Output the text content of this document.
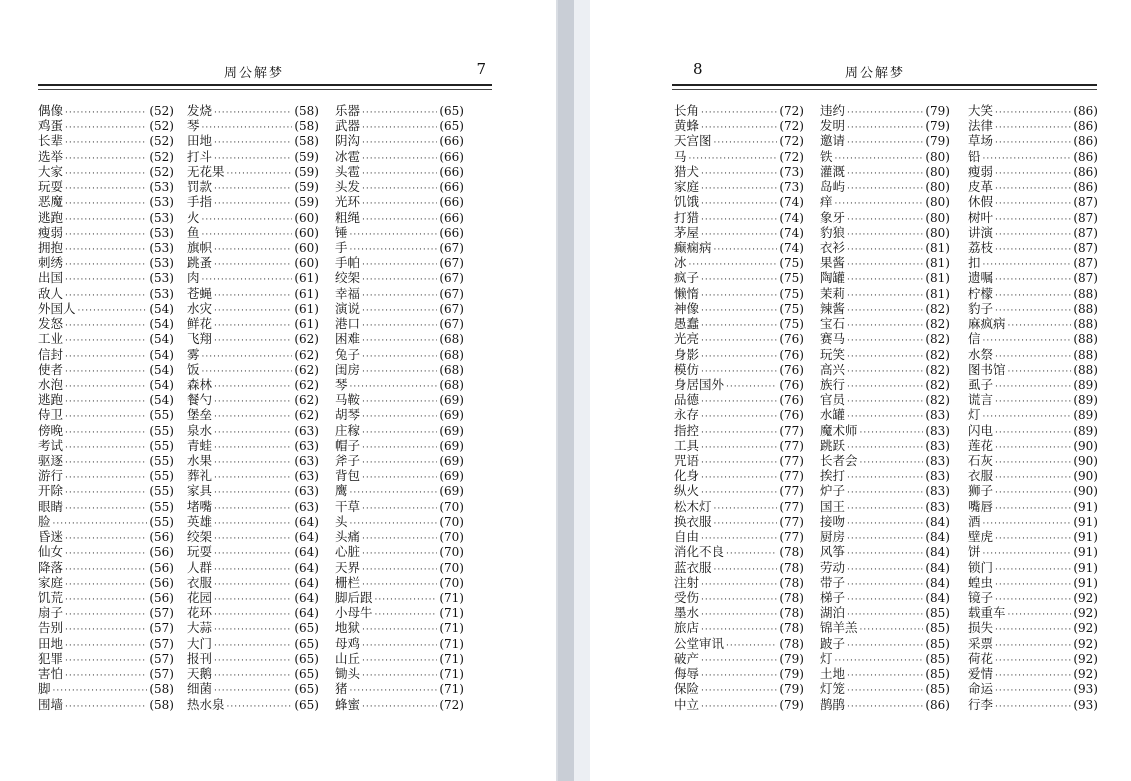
周公解梦	7
偶像 ·····	(52)
鸡蛋 ·····	(52)
长辈 ·····	(52)
选举 ·····	(52)
大家 ·····	(52)
玩耍 ·····	(53)
恶魔 ·····	(53)
逃跑 ·····	(53)
瘦弱 ·····	(53)
拥抱 ·····	(53)
刺绣 ·····	(53)
出国 ·····	(53)
敌人 ·····	(53)
外国人 ·····	(54)
发怒 ·····	(54)
工业 ·····	(54)
信封 ·····	(54)
使者 ·····	(54)
水泡 ·····	(54)
逃跑 ·····	(54)
侍卫 ·····	(55)
傍晚 ·····	(55)
考试 ·····	(55)
驱逐 ·····	(55)
游行 ·····	(55)
开除 ·····	(55)
眼睛 ·····	(55)
脸 ·····	(55)
昏迷 ·····	(56)
仙女 ·····	(56)
降落 ·····	(56)
家庭 ·····	(56)
饥荒 ·····	(56)
扇子 ·····	(57)
告别 ·····	(57)
田地 ·····	(57)
犯罪 ·····	(57)
害怕 ·····	(57)
脚 ·····	(58)
围墙 ·····	(58)
发烧 ·····	(58)
琴 ·····	(58)
田地 ·····	(58)
打斗 ·····	(59)
无花果 ·····	(59)
罚款 ·····	(59)
手指 ·····	(59)
火 ·····	(60)
鱼 ·····	(60)
旗帜 ·····	(60)
跳蚤 ·····	(60)
肉 ·····	(61)
苍蝇 ·····	(61)
水灾 ·····	(61)
鲜花 ·····	(61)
飞翔 ·····	(62)
雾 ·····	(62)
饭 ·····	(62)
森林 ·····	(62)
餐勺 ·····	(62)
堡垒 ·····	(62)
泉水 ·····	(63)
青蛙 ·····	(63)
水果 ·····	(63)
葬礼 ·····	(63)
家具 ·····	(63)
堵嘴 ·····	(63)
英雄 ·····	(64)
绞架 ·····	(64)
玩耍 ·····	(64)
人群 ·····	(64)
衣服 ·····	(64)
花园 ·····	(64)
花环 ·····	(64)
大蒜 ·····	(65)
大门 ·····	(65)
报刊 ·····	(65)
天鹅 ·····	(65)
细菌 ·····	(65)
热水泉 ·····	(65)
乐器 ·····	(65)
武器 ·····	(65)
阴沟 ·····	(66)
冰雹 ·····	(66)
头雹 ·····	(66)
头发 ·····	(66)
光环 ·····	(66)
粗绳 ·····	(66)
锤 ·····	(66)
手 ·····	(67)
手帕 ·····	(67)
绞架 ·····	(67)
幸福 ·····	(67)
演说 ·····	(67)
港口 ·····	(67)
困难 ·····	(68)
兔子 ·····	(68)
闺房 ·····	(68)
琴 ·····	(68)
马鞍 ·····	(69)
胡琴 ·····	(69)
庄稼 ·····	(69)
帽子 ·····	(69)
斧子 ·····	(69)
背包 ·····	(69)
鹰 ·····	(69)
干草 ·····	(70)
头 ·····	(70)
头痛 ·····	(70)
心脏 ·····	(70)
天界 ·····	(70)
栅栏 ·····	(70)
脚后跟 ·····	(71)
小母牛 ·····	(71)
地狱 ·····	(71)
母鸡 ·····	(71)
山丘 ·····	(71)
锄头 ·····	(71)
猪 ·····	(71)
蜂蜜 ·····	(72)
8	周公解梦
长角 ·····	(72)
黄蜂 ·····	(72)
天宫图 ·····	(72)
马 ·····	(72)
猎犬 ·····	(73)
家庭 ·····	(73)
饥饿 ·····	(74)
打猎 ·····	(74)
茅屋 ·····	(74)
癫痫病 ·····	(74)
冰 ·····	(75)
疯子 ·····	(75)
懒惰 ·····	(75)
神像 ·····	(75)
愚蠢 ·····	(75)
光亮 ·····	(76)
身影 ·····	(76)
模仿 ·····	(76)
身居国外 ·····	(76)
品德 ·····	(76)
永存 ·····	(76)
指控 ·····	(77)
工具 ·····	(77)
咒语 ·····	(77)
化身 ·····	(77)
纵火 ·····	(77)
松木灯 ·····	(77)
换衣服 ·····	(77)
自由 ·····	(77)
消化不良 ·····	(78)
蓝衣服 ·····	(78)
注射 ·····	(78)
受伤 ·····	(78)
墨水 ·····	(78)
旅店 ·····	(78)
公堂审讯 ·····	(78)
破产 ·····	(79)
侮辱 ·····	(79)
保险 ·····	(79)
中立 ·····	(79)
违约 ·····	(79)
发明 ·····	(79)
邀请 ·····	(79)
铁 ·····	(80)
灌溉 ·····	(80)
岛屿 ·····	(80)
痒 ·····	(80)
象牙 ·····	(80)
豹狼 ·····	(80)
衣衫 ·····	(81)
果酱 ·····	(81)
陶罐 ·····	(81)
茉莉 ·····	(81)
辣酱 ·····	(82)
宝石 ·····	(82)
赛马 ·····	(82)
玩笑 ·····	(82)
高兴 ·····	(82)
族行 ·····	(82)
官员 ·····	(82)
水罐 ·····	(83)
魔术师 ·····	(83)
跳跃 ·····	(83)
长者会 ·····	(83)
挨打 ·····	(83)
炉子 ·····	(83)
国王 ·····	(83)
接吻 ·····	(84)
厨房 ·····	(84)
风筝 ·····	(84)
劳动 ·····	(84)
带子 ·····	(84)
梯子 ·····	(84)
湖泊 ·····	(85)
锦羊羔 ·····	(85)
跛子 ·····	(85)
灯 ·····	(85)
土地 ·····	(85)
灯笼 ·····	(85)
鹊鹃 ·····	(86)
大笑 ·····	(86)
法律 ·····	(86)
草场 ·····	(86)
铅 ·····	(86)
瘦弱 ·····	(86)
皮革 ·····	(86)
休假 ·····	(87)
树叶 ·····	(87)
讲演 ·····	(87)
荔枝 ·····	(87)
扣 ·····	(87)
遗嘱 ·····	(87)
柠檬 ·····	(88)
豹子 ·····	(88)
麻疯病 ·····	(88)
信 ·····	(88)
水祭 ·····	(88)
图书馆 ·····	(88)
虱子 ·····	(89)
谎言 ·····	(89)
灯 ·····	(89)
闪电 ·····	(89)
莲花 ·····	(90)
石灰 ·····	(90)
衣服 ·····	(90)
狮子 ·····	(90)
嘴唇 ·····	(91)
酒 ·····	(91)
壁虎 ·····	(91)
饼 ·····	(91)
锁门 ·····	(91)
蝗虫 ·····	(91)
镜子 ·····	(92)
载重车 ·····	(92)
损失 ·····	(92)
采票 ·····	(92)
荷花 ·····	(92)
爱情 ·····	(92)
命运 ·····	(93)
行李 ·····	(93)
